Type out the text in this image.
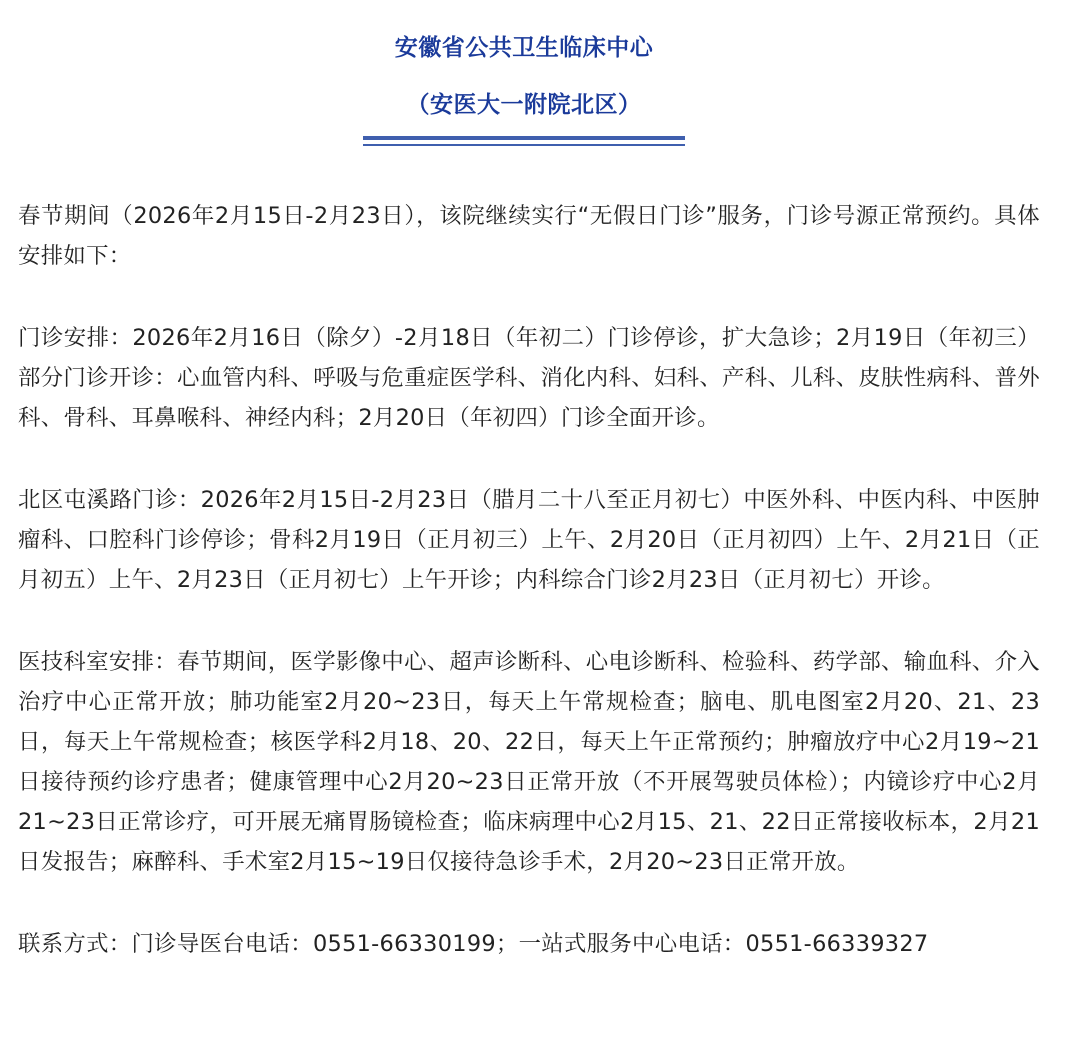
安徽省公共卫生临床中心
（安医大一附院北区）

春节期间（2026年2月15日-2月23日），该院继续实行“无假日门诊”服务，门诊号源正常预约。具体安排如下：

门诊安排：2026年2月16日（除夕）-2月18日（年初二）门诊停诊，扩大急诊；2月19日（年初三）部分门诊开诊：心血管内科、呼吸与危重症医学科、消化内科、妇科、产科、儿科、皮肤性病科、普外科、骨科、耳鼻喉科、神经内科；2月20日（年初四）门诊全面开诊。

北区屯溪路门诊：2026年2月15日-2月23日（腊月二十八至正月初七）中医外科、中医内科、中医肿瘤科、口腔科门诊停诊；骨科2月19日（正月初三）上午、2月20日（正月初四）上午、2月21日（正月初五）上午、2月23日（正月初七）上午开诊；内科综合门诊2月23日（正月初七）开诊。

医技科室安排：春节期间，医学影像中心、超声诊断科、心电诊断科、检验科、药学部、输血科、介入治疗中心正常开放；肺功能室2月20~23日，每天上午常规检查；脑电、肌电图室2月20、21、23日，每天上午常规检查；核医学科2月18、20、22日，每天上午正常预约；肿瘤放疗中心2月19~21日接待预约诊疗患者；健康管理中心2月20~23日正常开放（不开展驾驶员体检）；内镜诊疗中心2月21~23日正常诊疗，可开展无痛胃肠镜检查；临床病理中心2月15、21、22日正常接收标本，2月21日发报告；麻醉科、手术室2月15~19日仅接待急诊手术，2月20~23日正常开放。

联系方式：门诊导医台电话：0551-66330199；一站式服务中心电话：0551-66339327
